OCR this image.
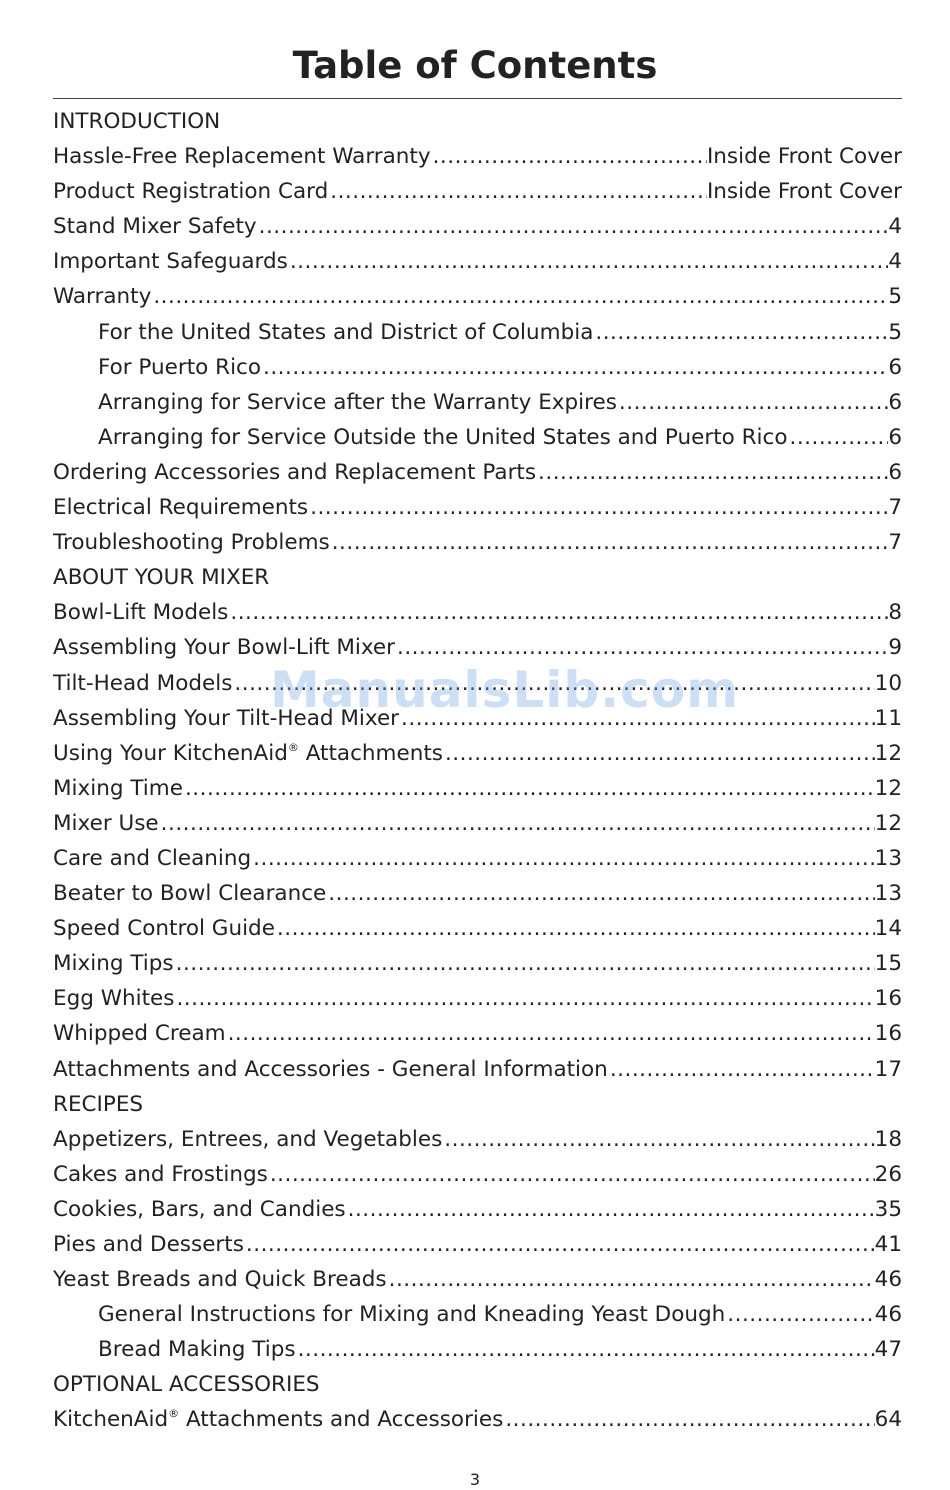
Table of Contents
INTRODUCTION
Hassle-Free Replacement Warranty .....	Inside Front Cover
Product Registration Card .....	Inside Front Cover
Stand Mixer Safety .....	4
Important Safeguards .....	4
Warranty .....	5
For the United States and District of Columbia .....	5
For Puerto Rico .....	6
Arranging for Service after the Warranty Expires .....	6
Arranging for Service Outside the United States and Puerto Rico .....	6
Ordering Accessories and Replacement Parts .....	6
Electrical Requirements .....	7
Troubleshooting Problems .....	7
ABOUT YOUR MIXER
Bowl-Lift Models .....	8
Assembling Your Bowl-Lift Mixer .....	9
Tilt-Head Models .....	10
Assembling Your Tilt-Head Mixer .....	11
Using Your KitchenAid® Attachments .....	12
Mixing Time .....	12
Mixer Use .....	12
Care and Cleaning .....	13
Beater to Bowl Clearance .....	13
Speed Control Guide .....	14
Mixing Tips .....	15
Egg Whites .....	16
Whipped Cream .....	16
Attachments and Accessories - General Information .....	17
RECIPES
Appetizers, Entrees, and Vegetables .....	18
Cakes and Frostings .....	26
Cookies, Bars, and Candies .....	35
Pies and Desserts .....	41
Yeast Breads and Quick Breads .....	46
General Instructions for Mixing and Kneading Yeast Dough .....	46
Bread Making Tips .....	47
OPTIONAL ACCESSORIES
KitchenAid® Attachments and Accessories .....	64
ManualsLib.com
3
